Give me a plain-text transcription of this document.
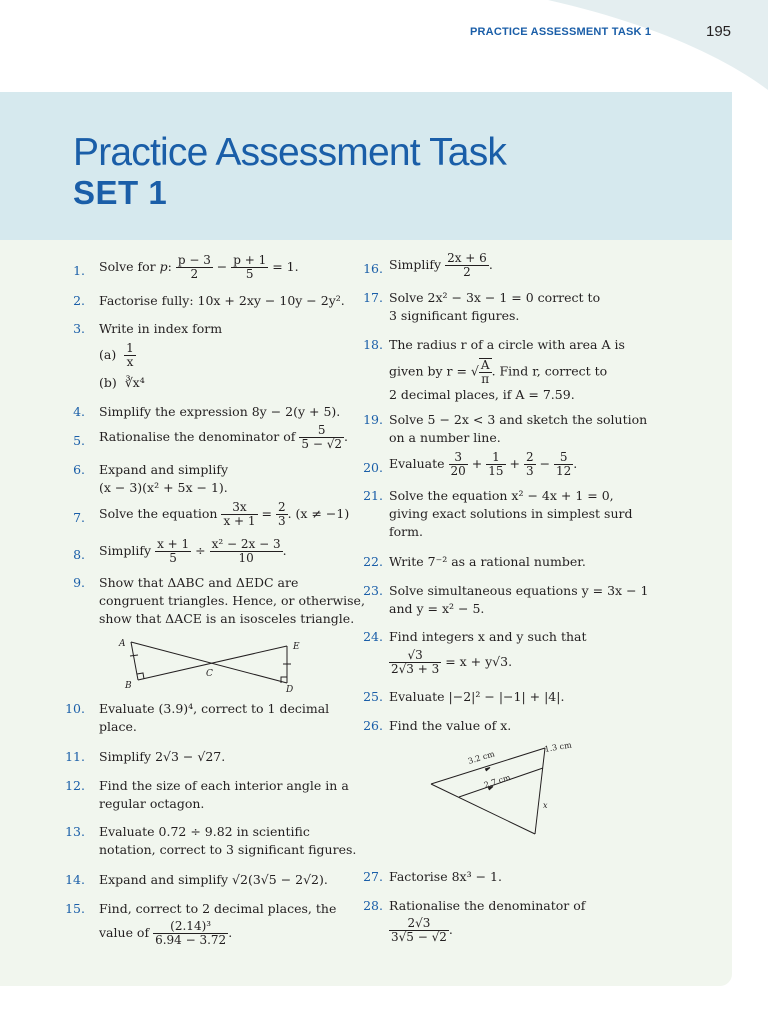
PRACTICE ASSESSMENT TASK 1	195
Practice Assessment Task
SET 1
1. Solve for p: $\frac{p - 3}{2} - \frac{p + 1}{5} = 1$.
2. Factorise fully: 10x + 2xy − 10y − 2y².
3. Write in index form
$(a) \frac{1}{x}$
(b) ∛x⁴
4. Simplify the expression 8y − 2(y + 5).
5. Rationalise the denominator of $\frac{5}{5 - √2}$ .
6. Expand and simplify
(x − 3)(x² + 5x − 1).
7. Solve the equation $\frac{3x}{x + 1} = \frac{2}{3}$ . (x ≠ −1)
8. Simplify $\frac{x + 1}{5} \div \frac{\text{x² − 2x − 3}}{10}$ .
9. Show that ΔABC and ΔEDC are
congruent triangles. Hence, or otherwise,
show that ΔACE is an isosceles triangle.
A
B
C
D
E
10. Evaluate (3.9)⁴, correct to 1 decimal
place.
11. Simplify 2√3 − √27.
12. Find the size of each interior angle in a
regular octagon.
13. Evaluate 0.72 ÷ 9.82 in scientific
notation, correct to 3 significant figures.
14. Expand and simplify √2(3√5 − 2√2).
15. Find, correct to 2 decimal places, the
value of $\frac{\text{(2.14)³}}{6.94 - 3.72}$ .
16. Simplify $\frac{2x + 6}{2}$ .
17. Solve 2x² − 3x − 1 = 0 correct to
3 significant figures.
18. The radius r of a circle with area A is
given by r = √ $\frac{A}{\pi}$ . Find r, correct to
2 decimal places, if A = 7.59.
19. Solve 5 − 2x < 3 and sketch the solution
on a number line.
20. Evaluate $\frac{3}{20} + \frac{1}{15} + \frac{2}{3} - \frac{5}{12}$ .
21. Solve the equation x² − 4x + 1 = 0,
giving exact solutions in simplest surd
form.
22. Write 7⁻² as a rational number.
23. Solve simultaneous equations y = 3x − 1
and y = x² − 5.
24. Find integers x and y such that
$\frac{√3}{2√3 + 3} = x + y√3$.
25. Evaluate |−2|² − |−1| + |4|.
26. Find the value of x.
3.2 cm
1.3 cm
2.7 cm
x
27. Factorise 8x³ − 1.
28. Rationalise the denominator of
$\frac{2√3}{3√5 - √2}$ .
